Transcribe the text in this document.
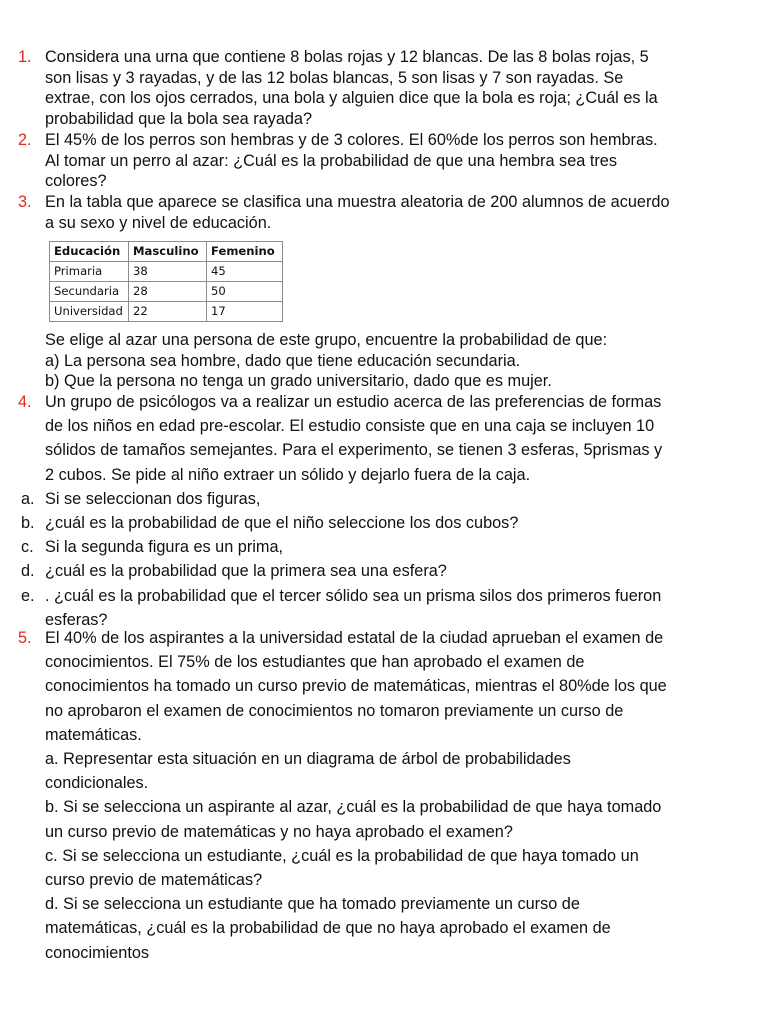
1. Considera una urna que contiene 8 bolas rojas y 12 blancas. De las 8 bolas rojas, 5

son lisas y 3 rayadas, y de las 12 bolas blancas, 5 son lisas y 7 son rayadas. Se

extrae, con los ojos cerrados, una bola y alguien dice que la bola es roja; ¿Cuál es la

probabilidad que la bola sea rayada?

2. El 45% de los perros son hembras y de 3 colores. El 60%de los perros son hembras.

Al tomar un perro al azar: ¿Cuál es la probabilidad de que una hembra sea tres

colores?

3. En la tabla que aparece se clasifica una muestra aleatoria de 200 alumnos de acuerdo

a su sexo y nivel de educación.

Educación	Masculino	Femenino
Primaria	38	45
Secundaria	28	50
Universidad	22	17

Se elige al azar una persona de este grupo, encuentre la probabilidad de que:

a) La persona sea hombre, dado que tiene educación secundaria.

b) Que la persona no tenga un grado universitario, dado que es mujer.

4. Un grupo de psicólogos va a realizar un estudio acerca de las preferencias de formas

de los niños en edad pre-escolar. El estudio consiste que en una caja se incluyen 10

sólidos de tamaños semejantes. Para el experimento, se tienen 3 esferas, 5prismas y

2 cubos. Se pide al niño extraer un sólido y dejarlo fuera de la caja.

a. Si se seleccionan dos figuras,

b. ¿cuál es la probabilidad de que el niño seleccione los dos cubos?

c. Si la segunda figura es un prima,

d. ¿cuál es la probabilidad que la primera sea una esfera?

e. . ¿cuál es la probabilidad que el tercer sólido sea un prisma silos dos primeros fueron

esferas?

5. El 40% de los aspirantes a la universidad estatal de la ciudad aprueban el examen de

conocimientos. El 75% de los estudiantes que han aprobado el examen de

conocimientos ha tomado un curso previo de matemáticas, mientras el 80%de los que

no aprobaron el examen de conocimientos no tomaron previamente un curso de

matemáticas.

a. Representar esta situación en un diagrama de árbol de probabilidades

condicionales.

b. Si se selecciona un aspirante al azar, ¿cuál es la probabilidad de que haya tomado

un curso previo de matemáticas y no haya aprobado el examen?

c. Si se selecciona un estudiante, ¿cuál es la probabilidad de que haya tomado un

curso previo de matemáticas?

d. Si se selecciona un estudiante que ha tomado previamente un curso de

matemáticas, ¿cuál es la probabilidad de que no haya aprobado el examen de

conocimientos
